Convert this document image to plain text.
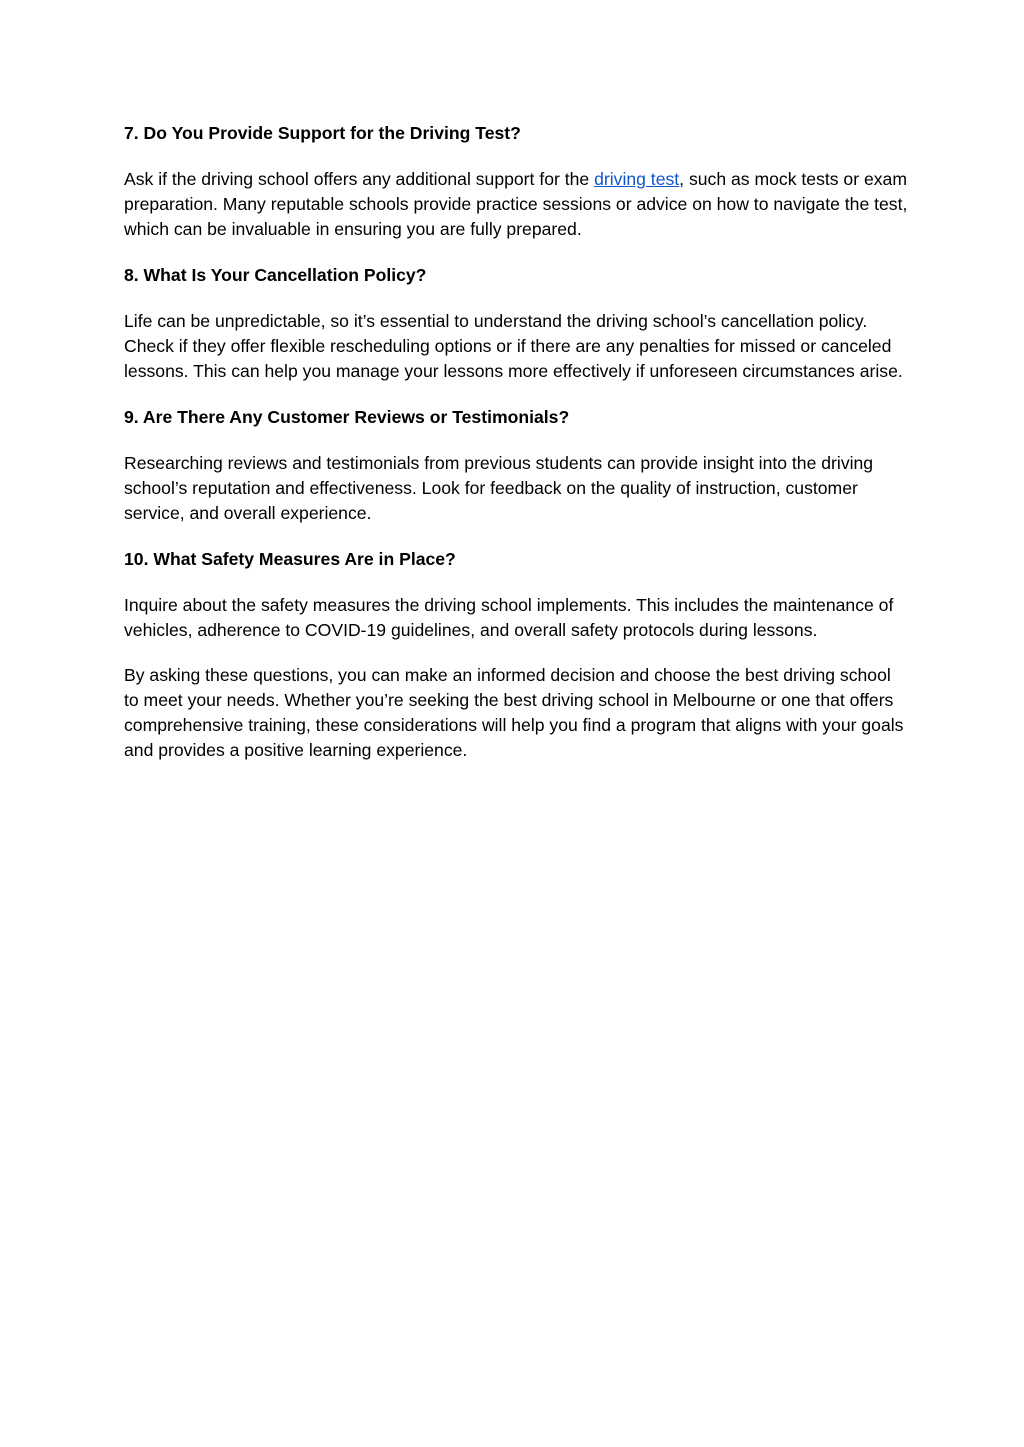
7. Do You Provide Support for the Driving Test?

Ask if the driving school offers any additional support for the driving test, such as mock tests or exam preparation. Many reputable schools provide practice sessions or advice on how to navigate the test, which can be invaluable in ensuring you are fully prepared.

8. What Is Your Cancellation Policy?

Life can be unpredictable, so it’s essential to understand the driving school’s cancellation policy. Check if they offer flexible rescheduling options or if there are any penalties for missed or canceled lessons. This can help you manage your lessons more effectively if unforeseen circumstances arise.

9. Are There Any Customer Reviews or Testimonials?

Researching reviews and testimonials from previous students can provide insight into the driving school’s reputation and effectiveness. Look for feedback on the quality of instruction, customer service, and overall experience.

10. What Safety Measures Are in Place?

Inquire about the safety measures the driving school implements. This includes the maintenance of vehicles, adherence to COVID-19 guidelines, and overall safety protocols during lessons.

By asking these questions, you can make an informed decision and choose the best driving school to meet your needs. Whether you’re seeking the best driving school in Melbourne or one that offers comprehensive training, these considerations will help you find a program that aligns with your goals and provides a positive learning experience.
